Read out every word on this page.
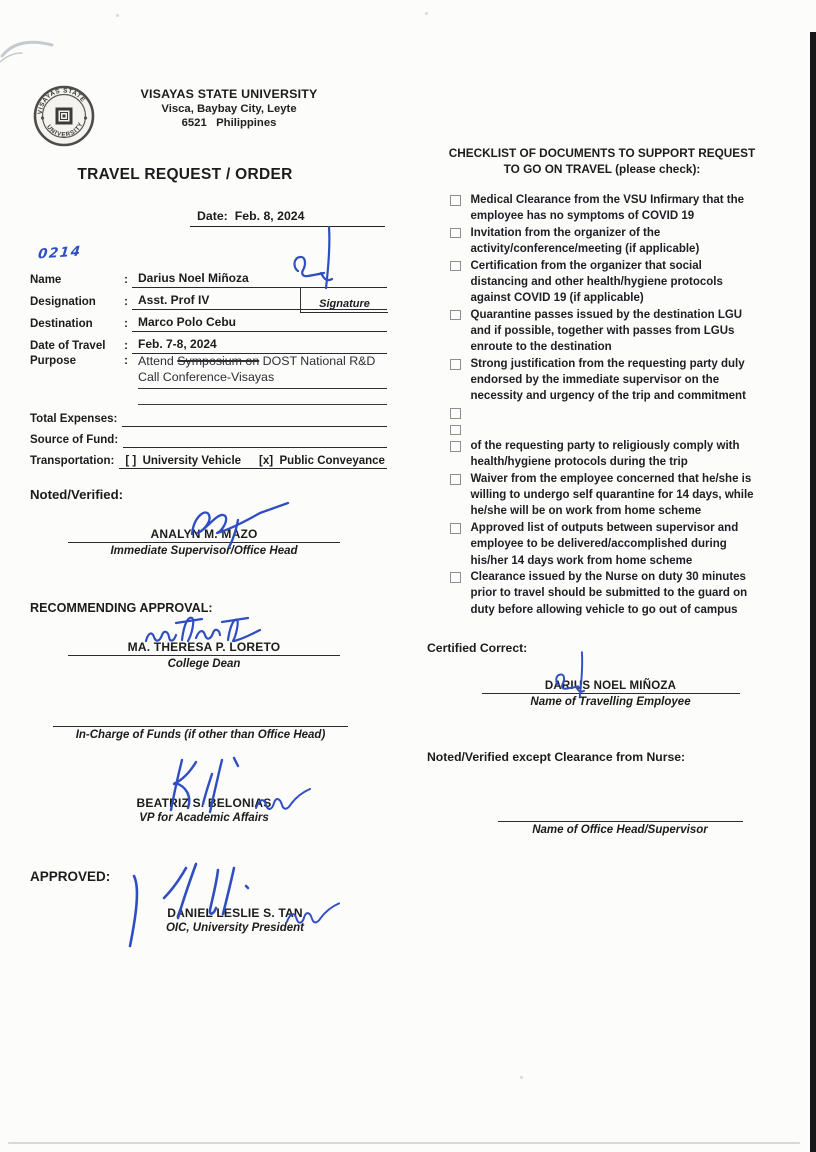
VISAYAS STATE
UNIVERSITY
VISAYAS STATE UNIVERSITY
Visca, Baybay City, Leyte
6521   Philippines
TRAVEL REQUEST / ORDER
Date: Feb. 8, 2024
0214
Name	: Darius Noel Miñoza
Designation	: Asst. Prof IV
Destination	: Marco Polo Cebu
Date of Travel	: Feb. 7-8, 2024
Signature
Purpose	: Attend Symposium on DOST National R&D
Call Conference-Visayas
Total Expenses:
Source of Fund:
Transportation: [ ] University Vehicle [x] Public Conveyance
Noted/Verified:
ANALYN M. MAZO
Immediate Supervisor/Office Head
RECOMMENDING APPROVAL:
MA. THERESA P. LORETO
College Dean
In-Charge of Funds (if other than Office Head)
BEATRIZ S. BELONIAS
VP for Academic Affairs
APPROVED:
DANIEL LESLIE S. TAN
OIC, University President
CHECKLIST OF DOCUMENTS TO SUPPORT REQUEST
TO GO ON TRAVEL (please check):
Medical Clearance from the VSU Infirmary that the employee has no symptoms of COVID 19
Invitation from the organizer of the activity/conference/meeting (if applicable)
Certification from the organizer that social distancing and other health/hygiene protocols against COVID 19 (if applicable)
Quarantine passes issued by the destination LGU and if possible, together with passes from LGUs enroute to the destination
Strong justification from the requesting party duly endorsed by the immediate supervisor on the necessity and urgency of the trip and commitment
of the requesting party to religiously comply with health/hygiene protocols during the trip
Waiver from the employee concerned that he/she is willing to undergo self quarantine for 14 days, while he/she will be on work from home scheme
Approved list of outputs between supervisor and employee to be delivered/accomplished during his/her 14 days work from home scheme
Clearance issued by the Nurse on duty 30 minutes prior to travel should be submitted to the guard on duty before allowing vehicle to go out of campus
Certified Correct:
DARIUS NOEL MIÑOZA
Name of Travelling Employee
Noted/Verified except Clearance from Nurse:
Name of Office Head/Supervisor
